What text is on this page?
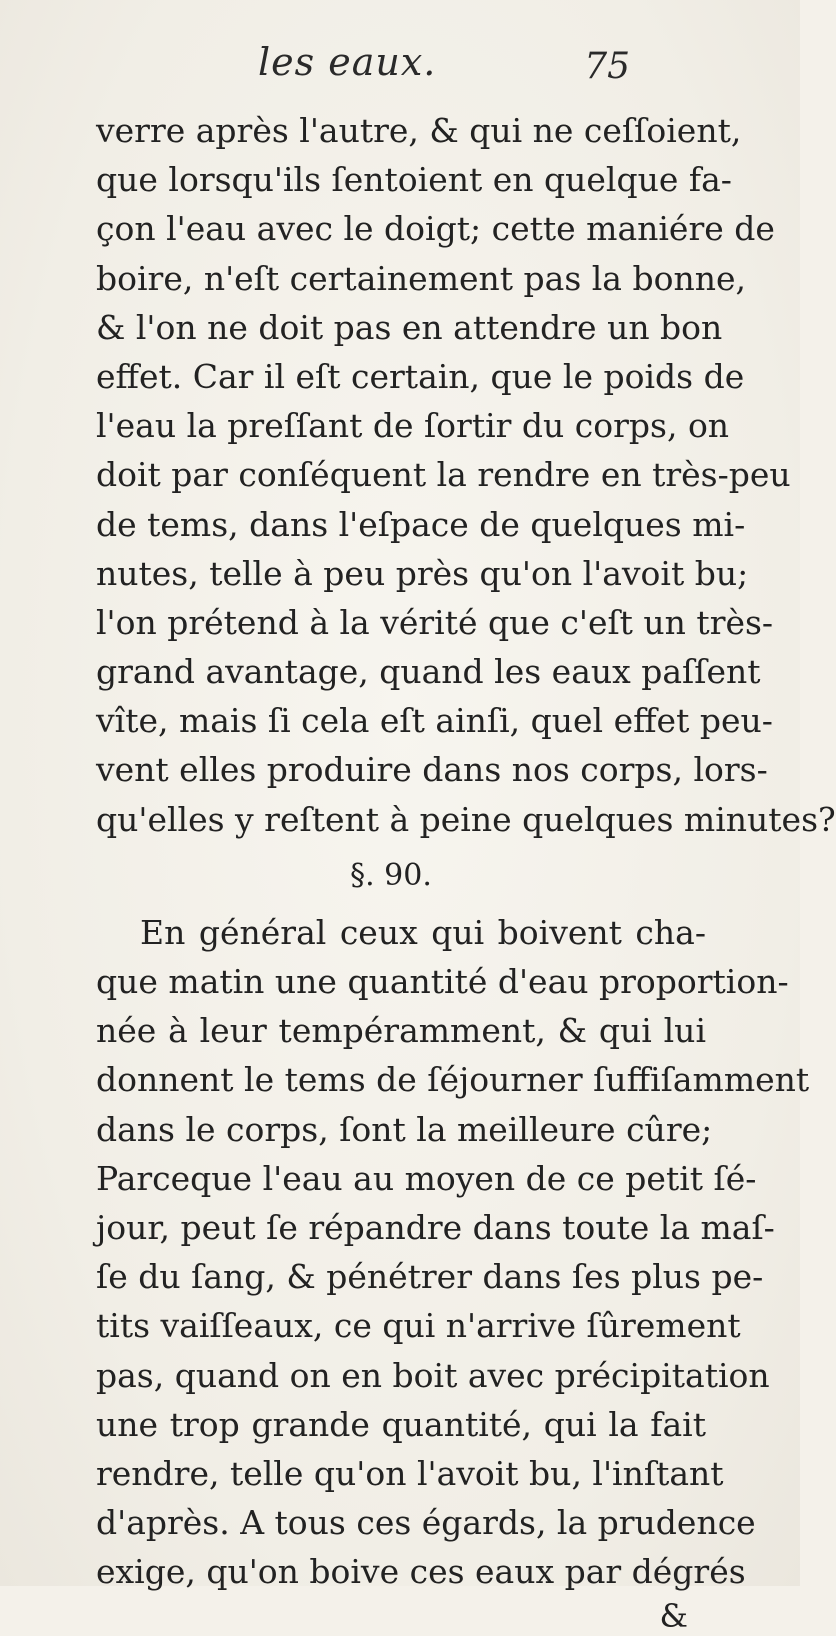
les eaux.	75
verre après l'autre, & qui ne ceſſoient,
que lorsqu'ils ſentoient en quelque fa-
çon l'eau avec le doigt; cette maniére de
boire, n'eſt certainement pas la bonne,
& l'on ne doit pas en attendre un bon
effet. Car il eſt certain, que le poids de
l'eau la preſſant de ſortir du corps, on
doit par conſéquent la rendre en très-peu
de tems, dans l'eſpace de quelques mi-
nutes, telle à peu près qu'on l'avoit bu;
l'on prétend à la vérité que c'eſt un très-
grand avantage, quand les eaux paſſent
vîte, mais ſi cela eſt ainſi, quel effet peu-
vent elles produire dans nos corps, lors-
qu'elles y reſtent à peine quelques minutes?
§. 90.
En général ceux qui boivent cha-
que matin une quantité d'eau proportion-
née à leur tempéramment, & qui lui
donnent le tems de ſéjourner ſuffiſamment
dans le corps, ſont la meilleure cûre;
Parceque l'eau au moyen de ce petit ſé-
jour, peut ſe répandre dans toute la maſ-
ſe du ſang, & pénétrer dans ſes plus pe-
tits vaiſſeaux, ce qui n'arrive ſûrement
pas, quand on en boit avec précipitation
une trop grande quantité, qui la fait
rendre, telle qu'on l'avoit bu, l'inſtant
d'après. A tous ces égards, la prudence
exige, qu'on boive ces eaux par dégrés
&
